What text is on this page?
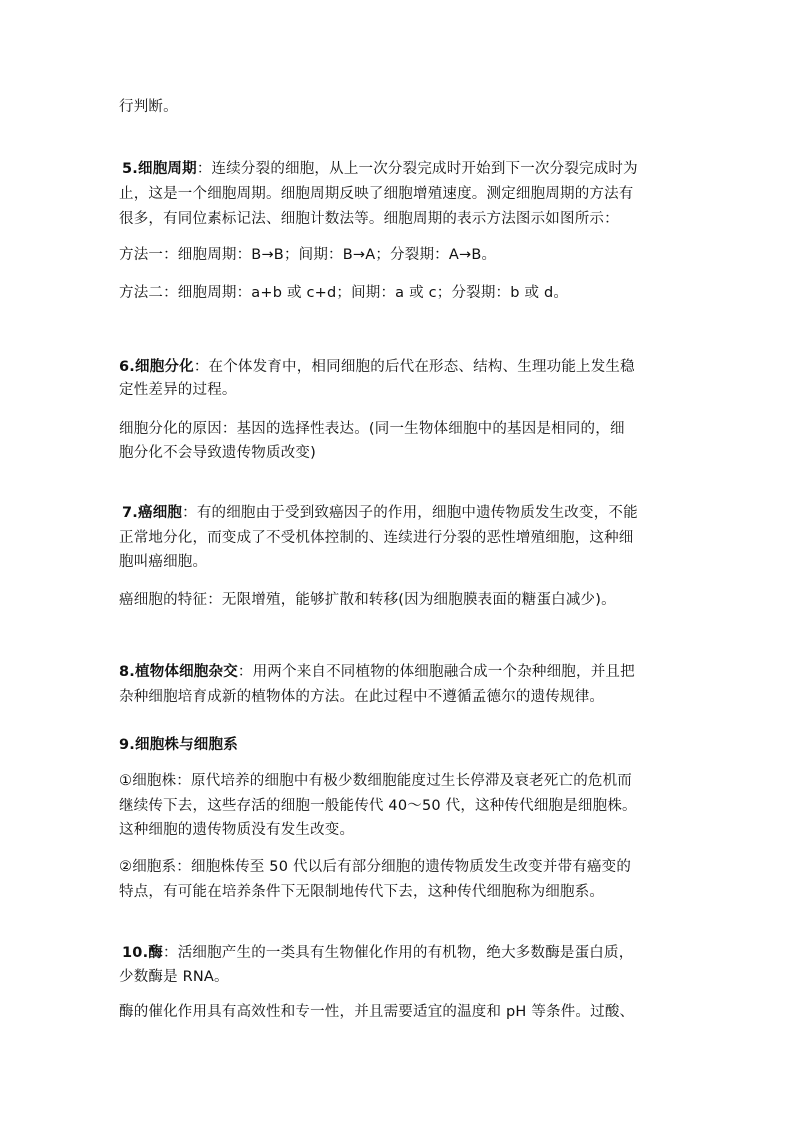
行判断。
5.细胞周期：连续分裂的细胞，从上一次分裂完成时开始到下一次分裂完成时为
止，这是一个细胞周期。细胞周期反映了细胞增殖速度。测定细胞周期的方法有
很多，有同位素标记法、细胞计数法等。细胞周期的表示方法图示如图所示：
方法一：细胞周期：B→B；间期：B→A；分裂期：A→B。
方法二：细胞周期：a+b 或 c+d；间期：a 或 c；分裂期：b 或 d。
6.细胞分化：在个体发育中，相同细胞的后代在形态、结构、生理功能上发生稳
定性差异的过程。
细胞分化的原因：基因的选择性表达。(同一生物体细胞中的基因是相同的，细
胞分化不会导致遗传物质改变)
7.癌细胞：有的细胞由于受到致癌因子的作用，细胞中遗传物质发生改变，不能
正常地分化，而变成了不受机体控制的、连续进行分裂的恶性增殖细胞，这种细
胞叫癌细胞。
癌细胞的特征：无限增殖，能够扩散和转移(因为细胞膜表面的糖蛋白减少)。
8.植物体细胞杂交：用两个来自不同植物的体细胞融合成一个杂种细胞，并且把
杂种细胞培育成新的植物体的方法。在此过程中不遵循孟德尔的遗传规律。
9.细胞株与细胞系
①细胞株：原代培养的细胞中有极少数细胞能度过生长停滞及衰老死亡的危机而
继续传下去，这些存活的细胞一般能传代 40～50 代，这种传代细胞是细胞株。
这种细胞的遗传物质没有发生改变。
②细胞系：细胞株传至 50 代以后有部分细胞的遗传物质发生改变并带有癌变的
特点，有可能在培养条件下无限制地传代下去，这种传代细胞称为细胞系。
10.酶：活细胞产生的一类具有生物催化作用的有机物，绝大多数酶是蛋白质，
少数酶是 RNA。
酶的催化作用具有高效性和专一性，并且需要适宜的温度和 pH 等条件。过酸、
